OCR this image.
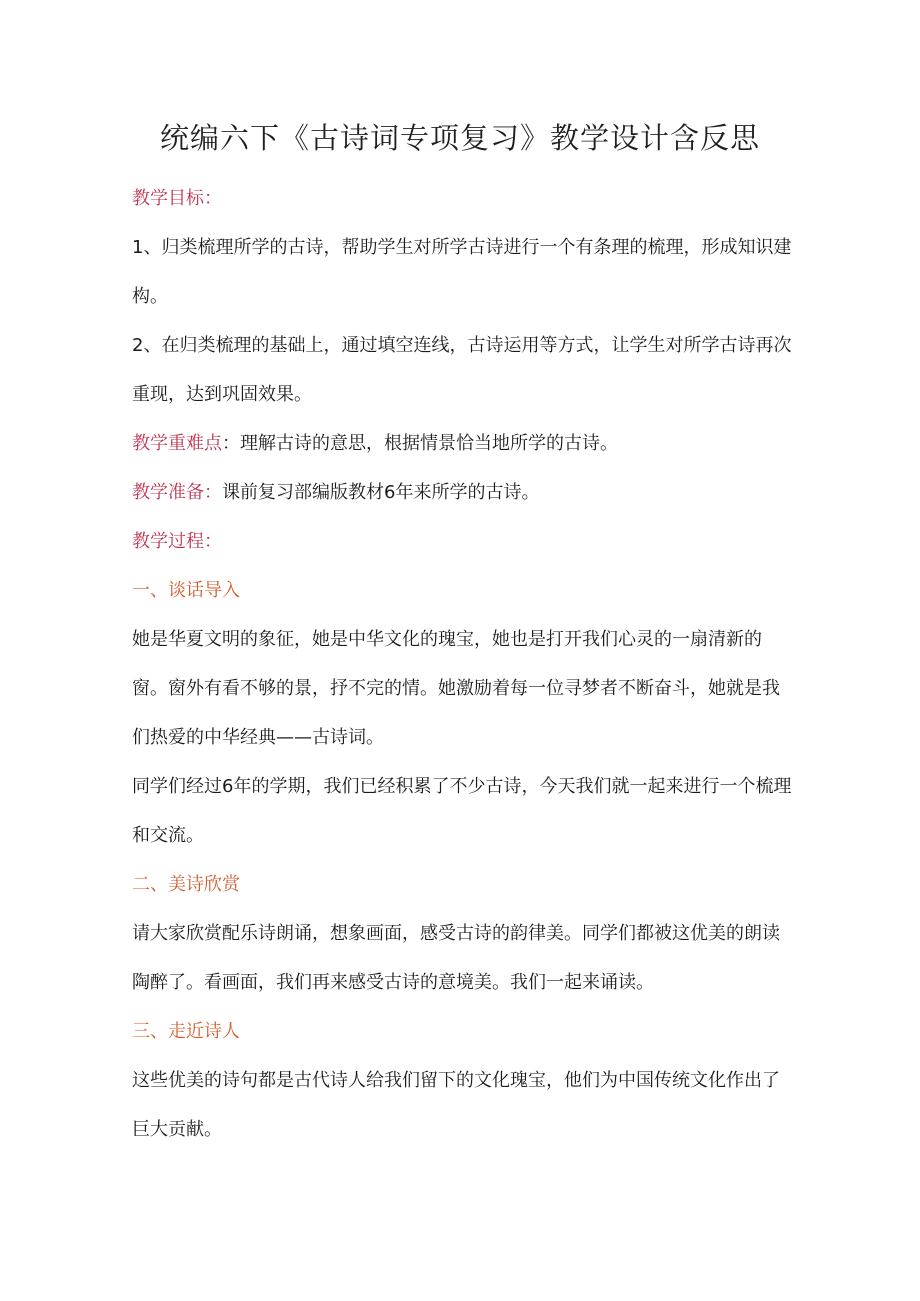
统编六下《古诗词专项复习》教学设计含反思

教学目标：

1、归类梳理所学的古诗，帮助学生对所学古诗进行一个有条理的梳理，形成知识建构。

2、在归类梳理的基础上，通过填空连线，古诗运用等方式，让学生对所学古诗再次重现，达到巩固效果。

教学重难点：理解古诗的意思，根据情景恰当地所学的古诗。

教学准备：课前复习部编版教材6年来所学的古诗。

教学过程：

一、谈话导入

她是华夏文明的象征，她是中华文化的瑰宝，她也是打开我们心灵的一扇清新的窗。窗外有看不够的景，抒不完的情。她激励着每一位寻梦者不断奋斗，她就是我们热爱的中华经典——古诗词。

同学们经过6年的学期，我们已经积累了不少古诗，今天我们就一起来进行一个梳理和交流。

二、美诗欣赏

请大家欣赏配乐诗朗诵，想象画面，感受古诗的韵律美。同学们都被这优美的朗读陶醉了。看画面，我们再来感受古诗的意境美。我们一起来诵读。

三、走近诗人

这些优美的诗句都是古代诗人给我们留下的文化瑰宝，他们为中国传统文化作出了巨大贡献。
